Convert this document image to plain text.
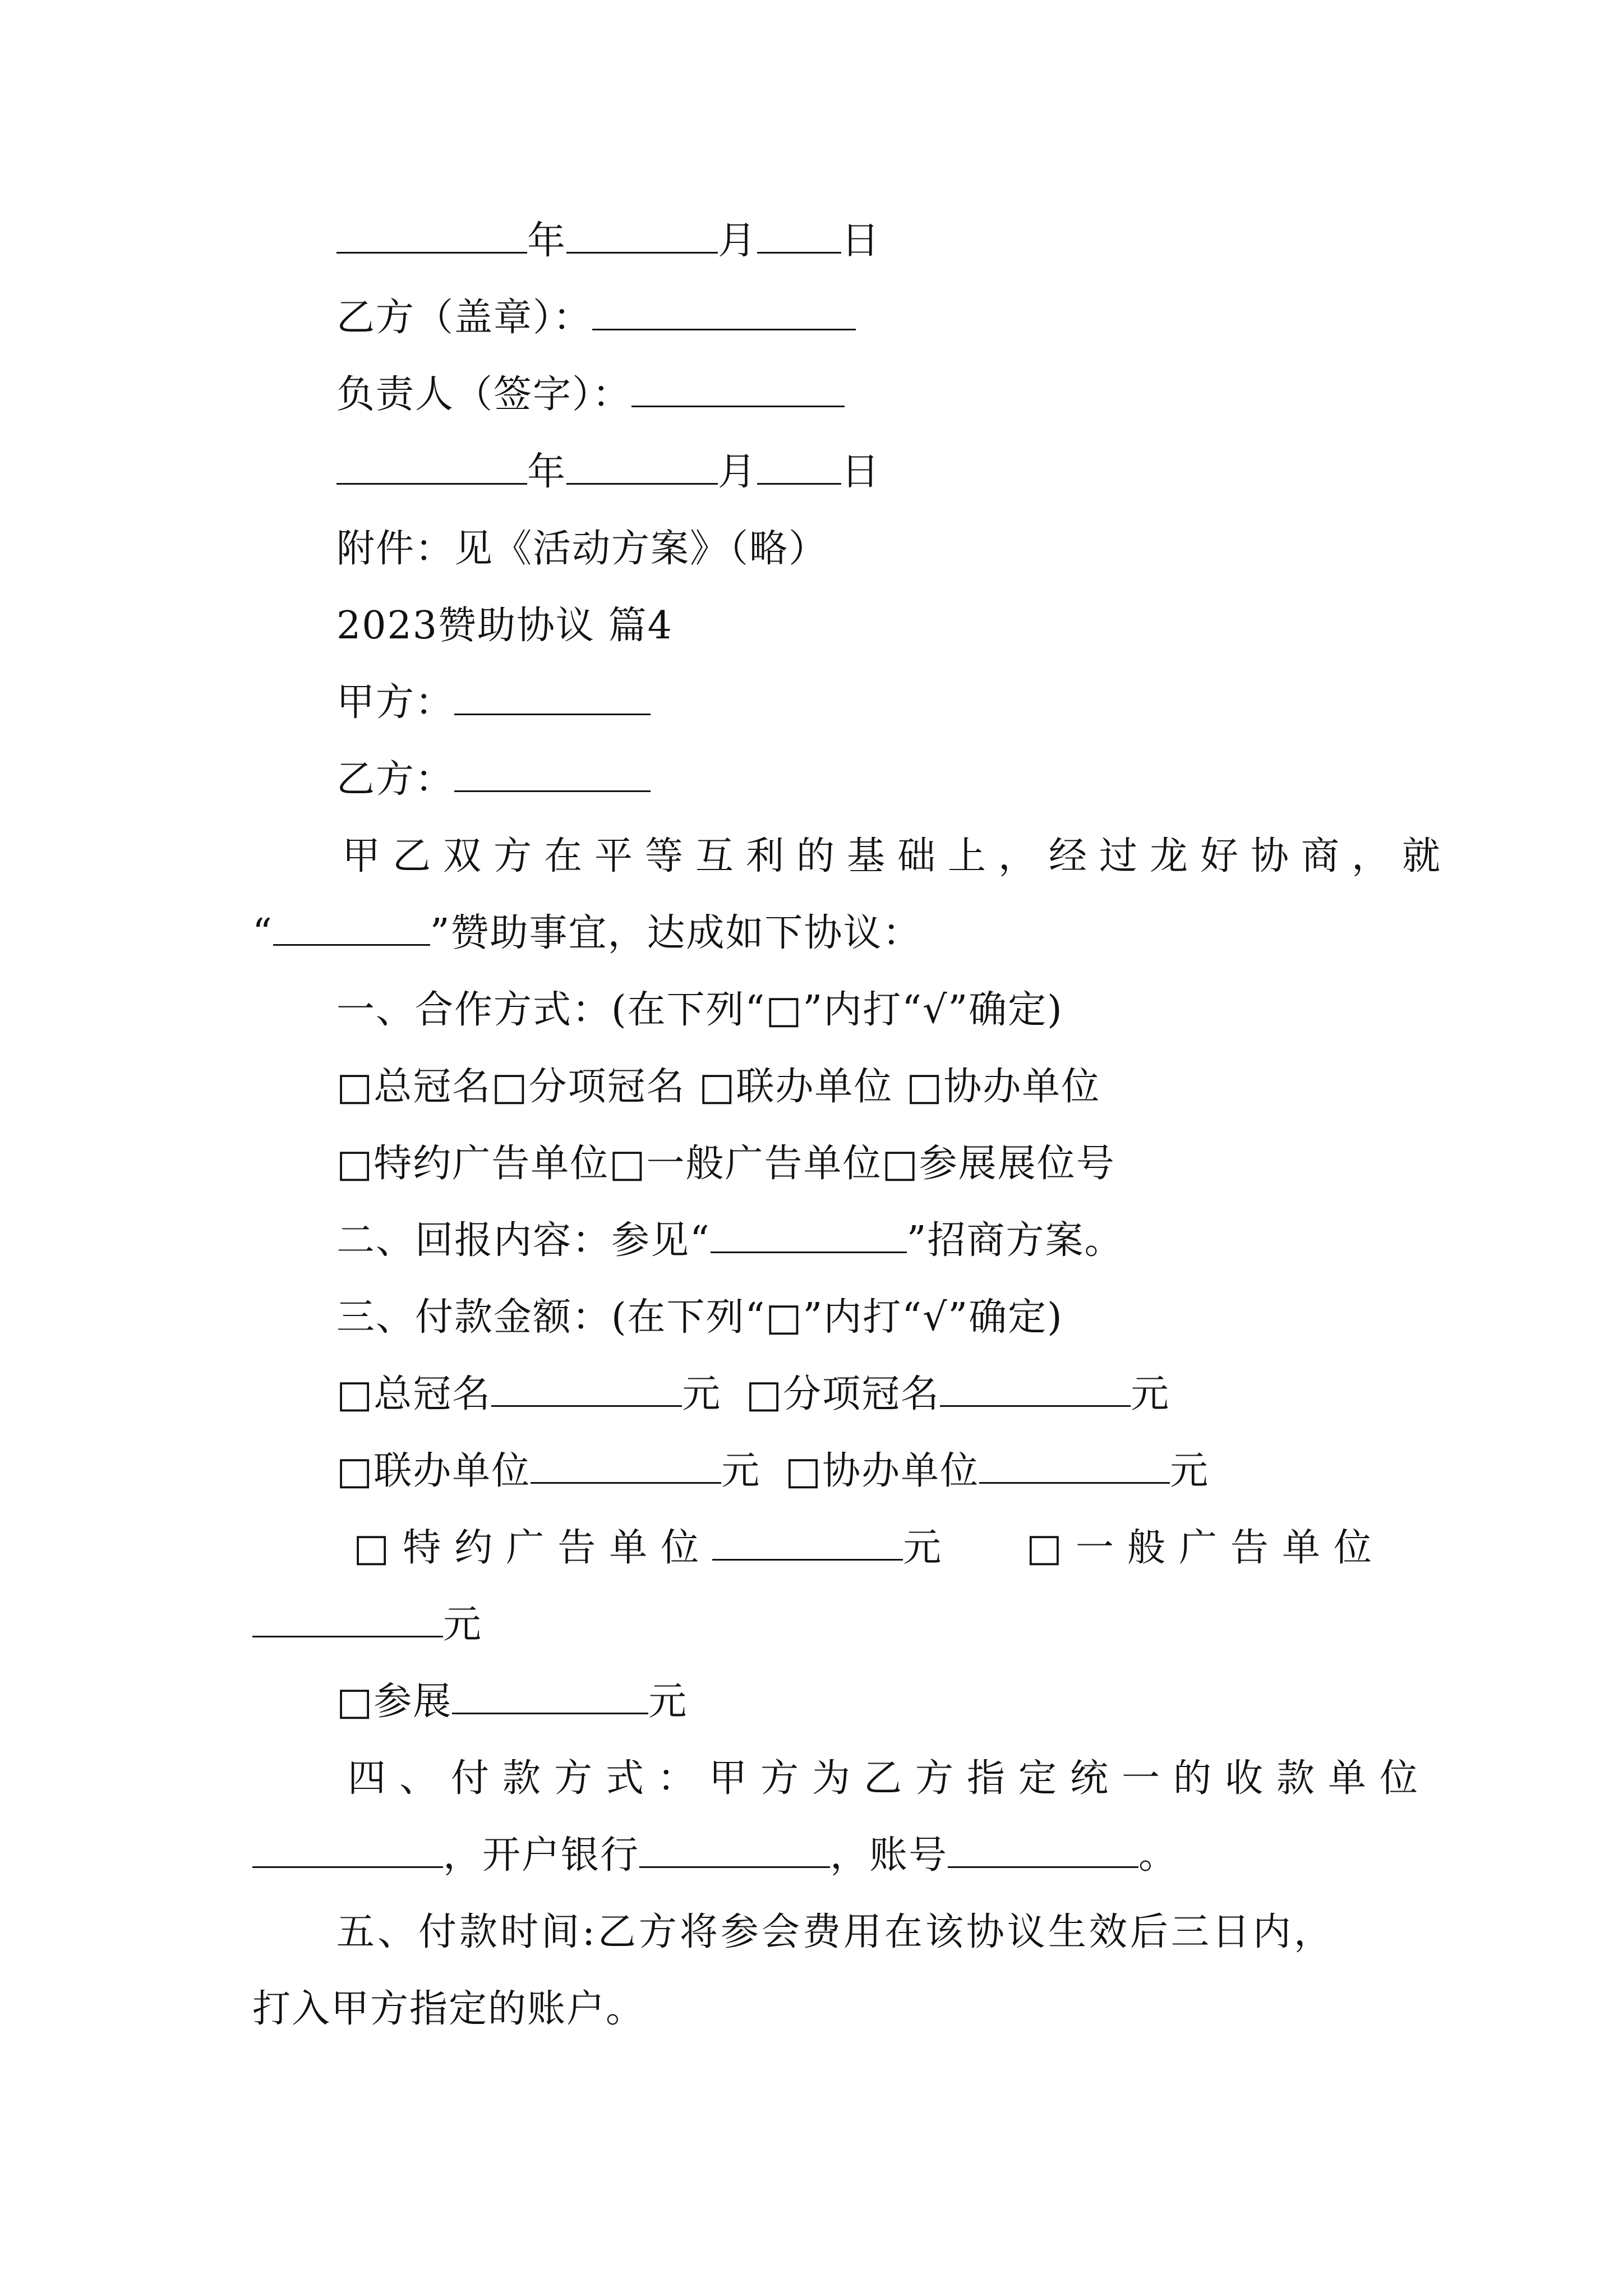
年	月 日
乙方（盖章）：
负责人（签字）：
年	月 日
附件：见《活动方案》（略）
2023赞助协议 篇4
甲方：
乙方：
甲乙双方在平等互利的基础上，经过龙好协商，就
“	”赞助事宜，达成如下协议：
一、合作方式：(在下列“□”内打“√”确定)
□总冠名□分项冠名 □联办单位 □协办单位
□特约广告单位□一般广告单位□参展展位号
二、回报内容：参见“	”招商方案。
三、付款金额：(在下列“□”内打“√”确定)
□总冠名	元 □分项冠名	元
□联办单位	元 □协办单位	元
□特约广告单位	元 □一般广告单位
元
□参展	元
四、付款方式：甲方为乙方指定统一的收款单位
，开户银行	，账号	。
五、付款时间:乙方将参会费用在该协议生效后三日内，
打入甲方指定的账户。
